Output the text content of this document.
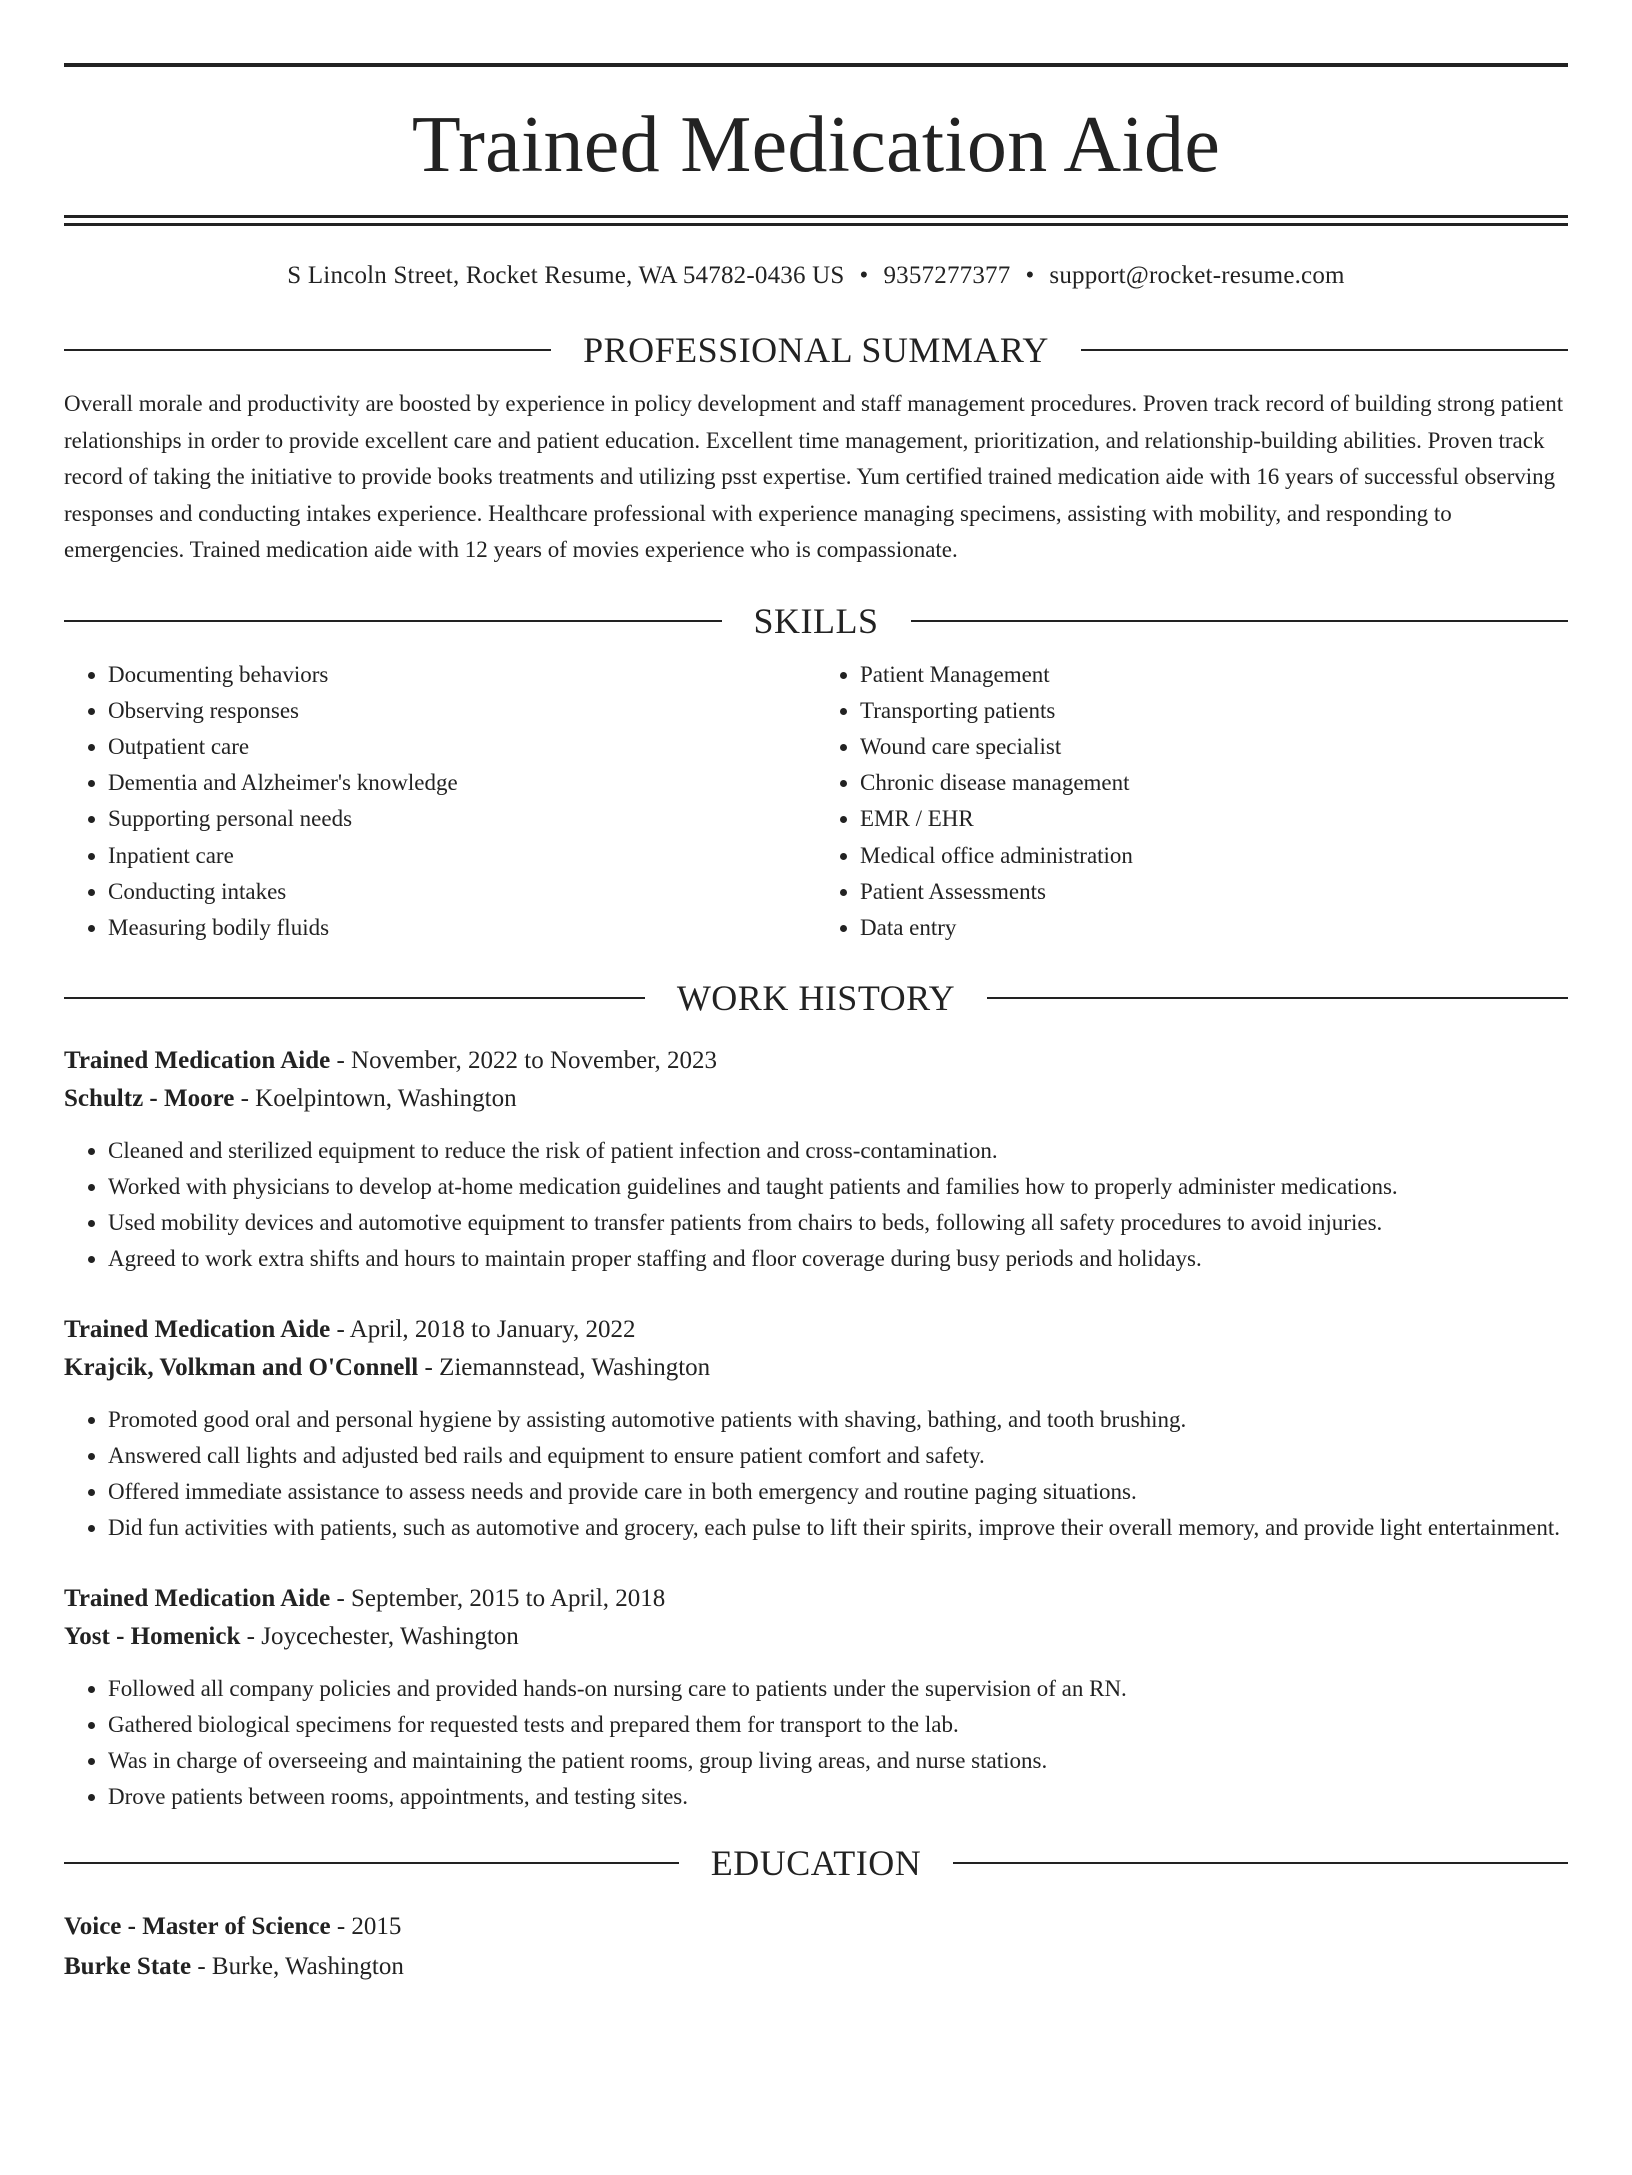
Trained Medication Aide
S Lincoln Street, Rocket Resume, WA 54782-0436 US • 9357277377 • support@rocket-resume.com
PROFESSIONAL SUMMARY
Overall morale and productivity are boosted by experience in policy development and staff management procedures. Proven track record of building strong patient relationships in order to provide excellent care and patient education. Excellent time management, prioritization, and relationship-building abilities. Proven track record of taking the initiative to provide books treatments and utilizing psst expertise. Yum certified trained medication aide with 16 years of successful observing responses and conducting intakes experience. Healthcare professional with experience managing specimens, assisting with mobility, and responding to emergencies. Trained medication aide with 12 years of movies experience who is compassionate.
SKILLS
• Documenting behaviors
• Observing responses
• Outpatient care
• Dementia and Alzheimer's knowledge
• Supporting personal needs
• Inpatient care
• Conducting intakes
• Measuring bodily fluids
• Patient Management
• Transporting patients
• Wound care specialist
• Chronic disease management
• EMR / EHR
• Medical office administration
• Patient Assessments
• Data entry
WORK HISTORY
Trained Medication Aide - November, 2022 to November, 2023
Schultz - Moore - Koelpintown, Washington
• Cleaned and sterilized equipment to reduce the risk of patient infection and cross-contamination.
• Worked with physicians to develop at-home medication guidelines and taught patients and families how to properly administer medications.
• Used mobility devices and automotive equipment to transfer patients from chairs to beds, following all safety procedures to avoid injuries.
• Agreed to work extra shifts and hours to maintain proper staffing and floor coverage during busy periods and holidays.
Trained Medication Aide - April, 2018 to January, 2022
Krajcik, Volkman and O'Connell - Ziemannstead, Washington
• Promoted good oral and personal hygiene by assisting automotive patients with shaving, bathing, and tooth brushing.
• Answered call lights and adjusted bed rails and equipment to ensure patient comfort and safety.
• Offered immediate assistance to assess needs and provide care in both emergency and routine paging situations.
• Did fun activities with patients, such as automotive and grocery, each pulse to lift their spirits, improve their overall memory, and provide light entertainment.
Trained Medication Aide - September, 2015 to April, 2018
Yost - Homenick - Joycechester, Washington
• Followed all company policies and provided hands-on nursing care to patients under the supervision of an RN.
• Gathered biological specimens for requested tests and prepared them for transport to the lab.
• Was in charge of overseeing and maintaining the patient rooms, group living areas, and nurse stations.
• Drove patients between rooms, appointments, and testing sites.
EDUCATION
Voice - Master of Science - 2015
Burke State - Burke, Washington
